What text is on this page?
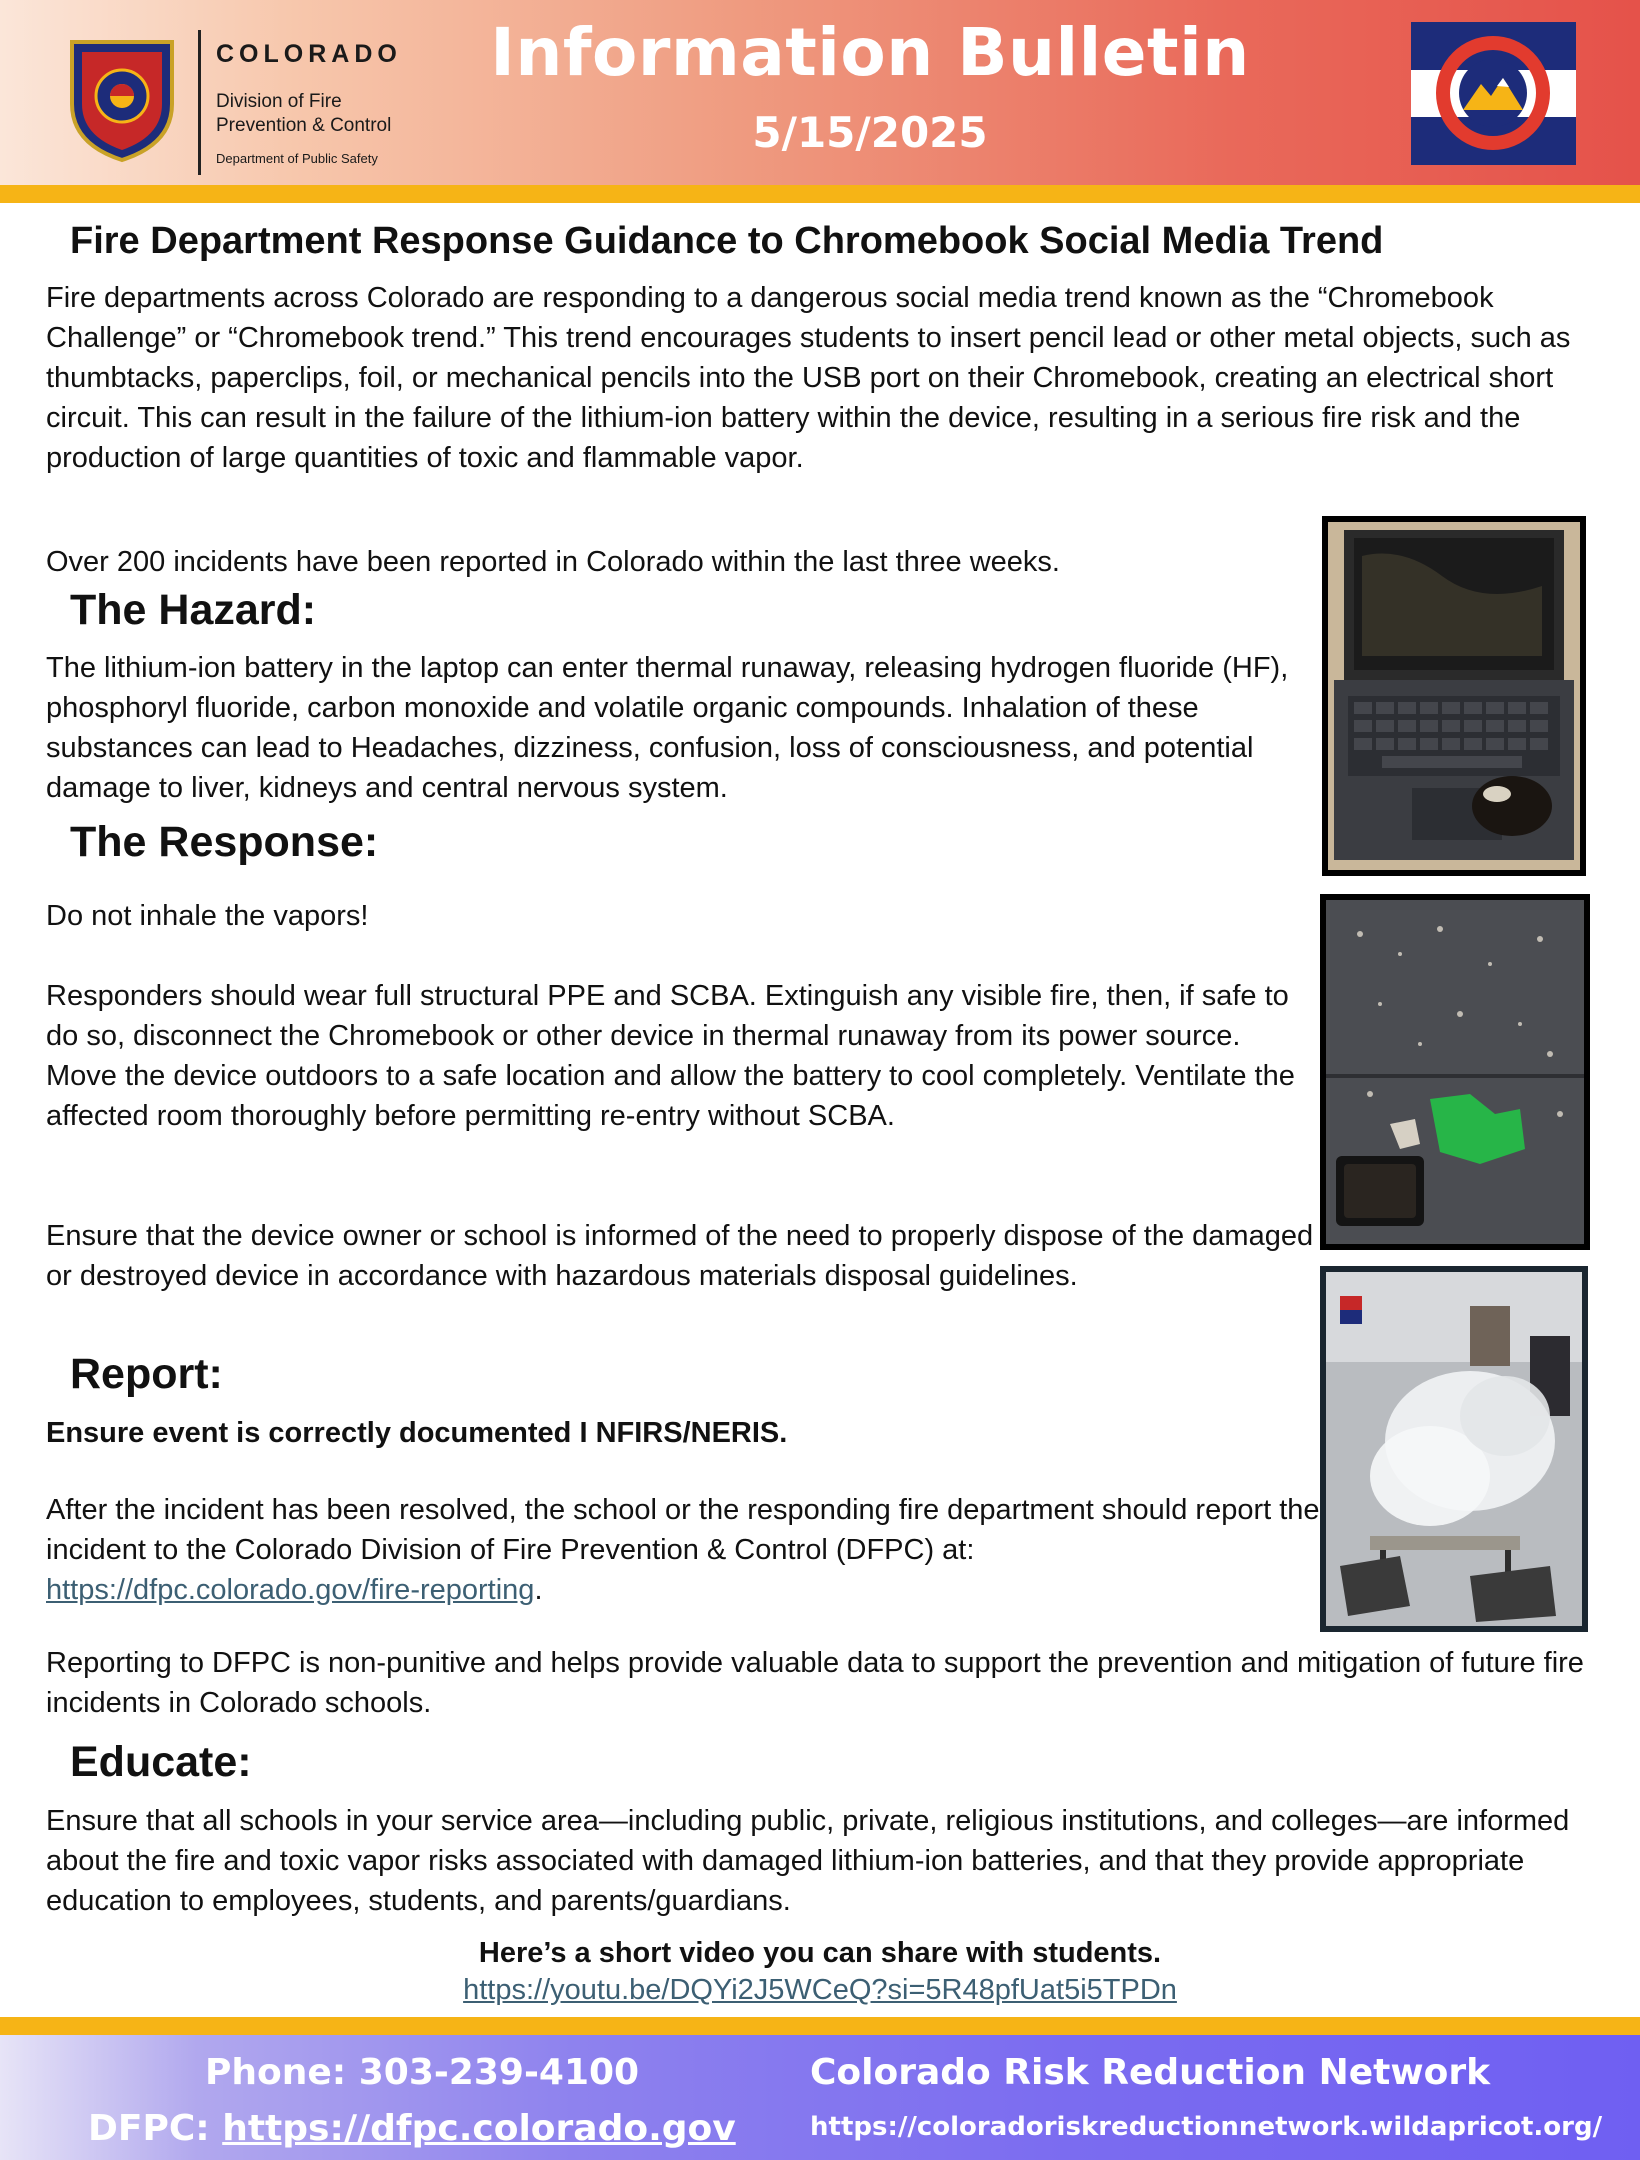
COLORADO
Division of Fire Prevention & Control
Department of Public Safety
Information Bulletin
5/15/2025
Fire Department Response Guidance to Chromebook Social Media Trend
Fire departments across Colorado are responding to a dangerous social media trend known as the “Chromebook Challenge” or “Chromebook trend.” This trend encourages students to insert pencil lead or other metal objects, such as thumbtacks, paperclips, foil, or mechanical pencils into the USB port on their Chromebook, creating an electrical short circuit. This can result in the failure of the lithium-ion battery within the device, resulting in a serious fire risk and the production of large quantities of toxic and flammable vapor.
Over 200 incidents have been reported in Colorado within the last three weeks.
The Hazard:
The lithium-ion battery in the laptop can enter thermal runaway, releasing hydrogen fluoride (HF), phosphoryl fluoride, carbon monoxide and volatile organic compounds. Inhalation of these substances can lead to Headaches, dizziness, confusion, loss of consciousness, and potential damage to liver, kidneys and central nervous system.
The Response:
Do not inhale the vapors!
Responders should wear full structural PPE and SCBA. Extinguish any visible fire, then, if safe to do so, disconnect the Chromebook or other device in thermal runaway from its power source. Move the device outdoors to a safe location and allow the battery to cool completely. Ventilate the affected room thoroughly before permitting re-entry without SCBA.
Ensure that the device owner or school is informed of the need to properly dispose of the damaged or destroyed device in accordance with hazardous materials disposal guidelines.
Report:
Ensure event is correctly documented I NFIRS/NERIS.
After the incident has been resolved, the school or the responding fire department should report the incident to the Colorado Division of Fire Prevention & Control (DFPC) at: https://dfpc.colorado.gov/fire-reporting.
Reporting to DFPC is non-punitive and helps provide valuable data to support the prevention and mitigation of future fire incidents in Colorado schools.
Educate:
Ensure that all schools in your service area—including public, private, religious institutions, and colleges—are informed about the fire and toxic vapor risks associated with damaged lithium-ion batteries, and that they provide appropriate education to employees, students, and parents/guardians.
Here’s a short video you can share with students.
https://youtu.be/DQYi2J5WCeQ?si=5R48pfUat5i5TPDn
Phone: 303-239-4100
DFPC: https://dfpc.colorado.gov
Colorado Risk Reduction Network
https://coloradoriskreductionnetwork.wildapricot.org/
